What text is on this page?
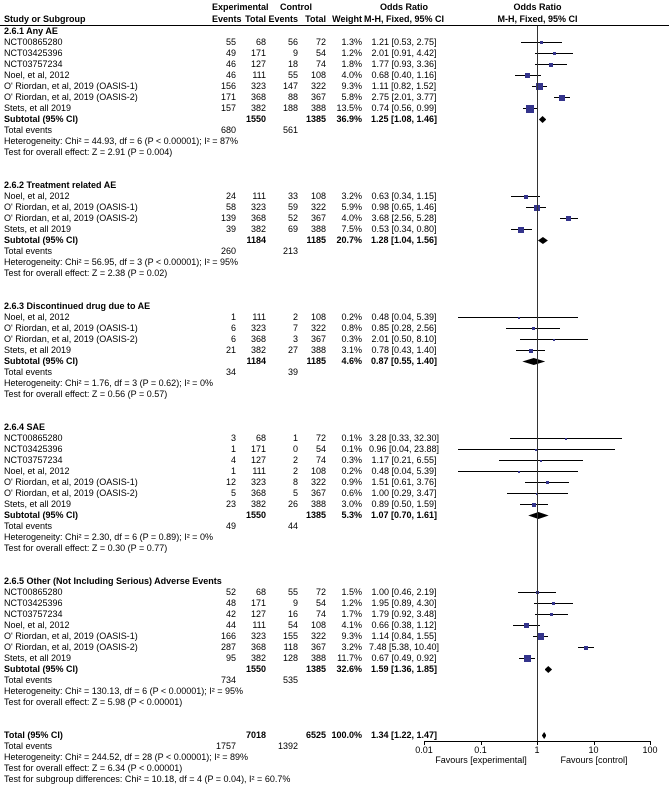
Experimental	Control	Odds Ratio	Odds Ratio
Study or Subgroup	Events Total Events Total Weight M-H, Fixed, 95% CI	M-H, Fixed, 95% CI
2.6.1 Any AE
NCT00865280	55	68	56	72	1.3%	1.21 [0.53, 2.75]
NCT03425396	49	171	9	54	1.2%	2.01 [0.91, 4.42]
NCT03757234	46	127	18	74	1.8%	1.77 [0.93, 3.36]
Noel, et al, 2012	46	111	55	108	4.0%	0.68 [0.40, 1.16]
O' Riordan, et al, 2019 (OASIS-1)	156	323	147	322	9.3%	1.11 [0.82, 1.52]
O' Riordan, et al, 2019 (OASIS-2)	171	368	88	367	5.8%	2.75 [2.01, 3.77]
Stets, et all 2019	157	382	188	388	13.5%	0.74 [0.56, 0.99]
Subtotal (95% CI)	1550	1385	36.9% 1.25 [1.08, 1.46]
Total events	680	561
Heterogeneity: Chi² = 44.93, df = 6 (P < 0.00001); I² = 87%
Test for overall effect: Z = 2.91 (P = 0.004)
2.6.2 Treatment related AE
Noel, et al, 2012	24	111	33	108	3.2%	0.63 [0.34, 1.15]
O' Riordan, et al, 2019 (OASIS-1)	58	323	59	322	5.9%	0.98 [0.65, 1.46]
O' Riordan, et al, 2019 (OASIS-2)	139	368	52	367	4.0%	3.68 [2.56, 5.28]
Stets, et all 2019	39	382	69	388	7.5%	0.53 [0.34, 0.80]
Subtotal (95% CI)	1184	1185	20.7% 1.28 [1.04, 1.56]
Total events	260	213
Heterogeneity: Chi² = 56.95, df = 3 (P < 0.00001); I² = 95%
Test for overall effect: Z = 2.38 (P = 0.02)
2.6.3 Discontinued drug due to AE
Noel, et al, 2012	1	111	2	108	0.2%	0.48 [0.04, 5.39]
O' Riordan, et al, 2019 (OASIS-1)	6	323	7	322	0.8%	0.85 [0.28, 2.56]
O' Riordan, et al, 2019 (OASIS-2)	6	368	3	367	0.3%	2.01 [0.50, 8.10]
Stets, et all 2019	21	382	27	388	3.1%	0.78 [0.43, 1.40]
Subtotal (95% CI)	1184	1185	4.6% 0.87 [0.55, 1.40]
Total events	34	39
Heterogeneity: Chi² = 1.76, df = 3 (P = 0.62); I² = 0%
Test for overall effect: Z = 0.56 (P = 0.57)
2.6.4 SAE
NCT00865280	3	68	1	72	0.1% 3.28 [0.33, 32.30]
NCT03425396	1	171	0	54	0.1% 0.96 [0.04, 23.88]
NCT03757234	4	127	2	74	0.3%	1.17 [0.21, 6.55]
Noel, et al, 2012	1	111	2	108	0.2%	0.48 [0.04, 5.39]
O' Riordan, et al, 2019 (OASIS-1)	12	323	8	322	0.9%	1.51 [0.61, 3.76]
O' Riordan, et al, 2019 (OASIS-2)	5	368	5	367	0.6%	1.00 [0.29, 3.47]
Stets, et all 2019	23	382	26	388	3.0%	0.89 [0.50, 1.59]
Subtotal (95% CI)	1550	1385	5.3% 1.07 [0.70, 1.61]
Total events	49	44
Heterogeneity: Chi² = 2.30, df = 6 (P = 0.89); I² = 0%
Test for overall effect: Z = 0.30 (P = 0.77)
2.6.5 Other (Not Including Serious) Adverse Events
NCT00865280	52	68	55	72	1.5%	1.00 [0.46, 2.19]
NCT03425396	48	171	9	54	1.2%	1.95 [0.89, 4.30]
NCT03757234	42	127	16	74	1.7%	1.79 [0.92, 3.48]
Noel, et al, 2012	44	111	54	108	4.1%	0.66 [0.38, 1.12]
O' Riordan, et al, 2019 (OASIS-1)	166	323	155	322	9.3%	1.14 [0.84, 1.55]
O' Riordan, et al, 2019 (OASIS-2)	287	368	118	367	3.2% 7.48 [5.38, 10.40]
Stets, et all 2019	95	382	128	388	11.7%	0.67 [0.49, 0.92]
Subtotal (95% CI)	1550	1385	32.6% 1.59 [1.36, 1.85]
Total events	734	535
Heterogeneity: Chi² = 130.13, df = 6 (P < 0.00001); I² = 95%
Test for overall effect: Z = 5.98 (P < 0.00001)
Total (95% CI)	7018	6525 100.0% 1.34 [1.22, 1.47]
Total events	1757	1392
Heterogeneity: Chi² = 244.52, df = 28 (P < 0.00001); I² = 89%
Test for overall effect: Z = 6.34 (P < 0.00001)
Test for subgroup differences: Chi² = 10.18, df = 4 (P = 0.04), I² = 60.7%
Favours [experimental]	Favours [control]
0.01	0.1	1	10	100
